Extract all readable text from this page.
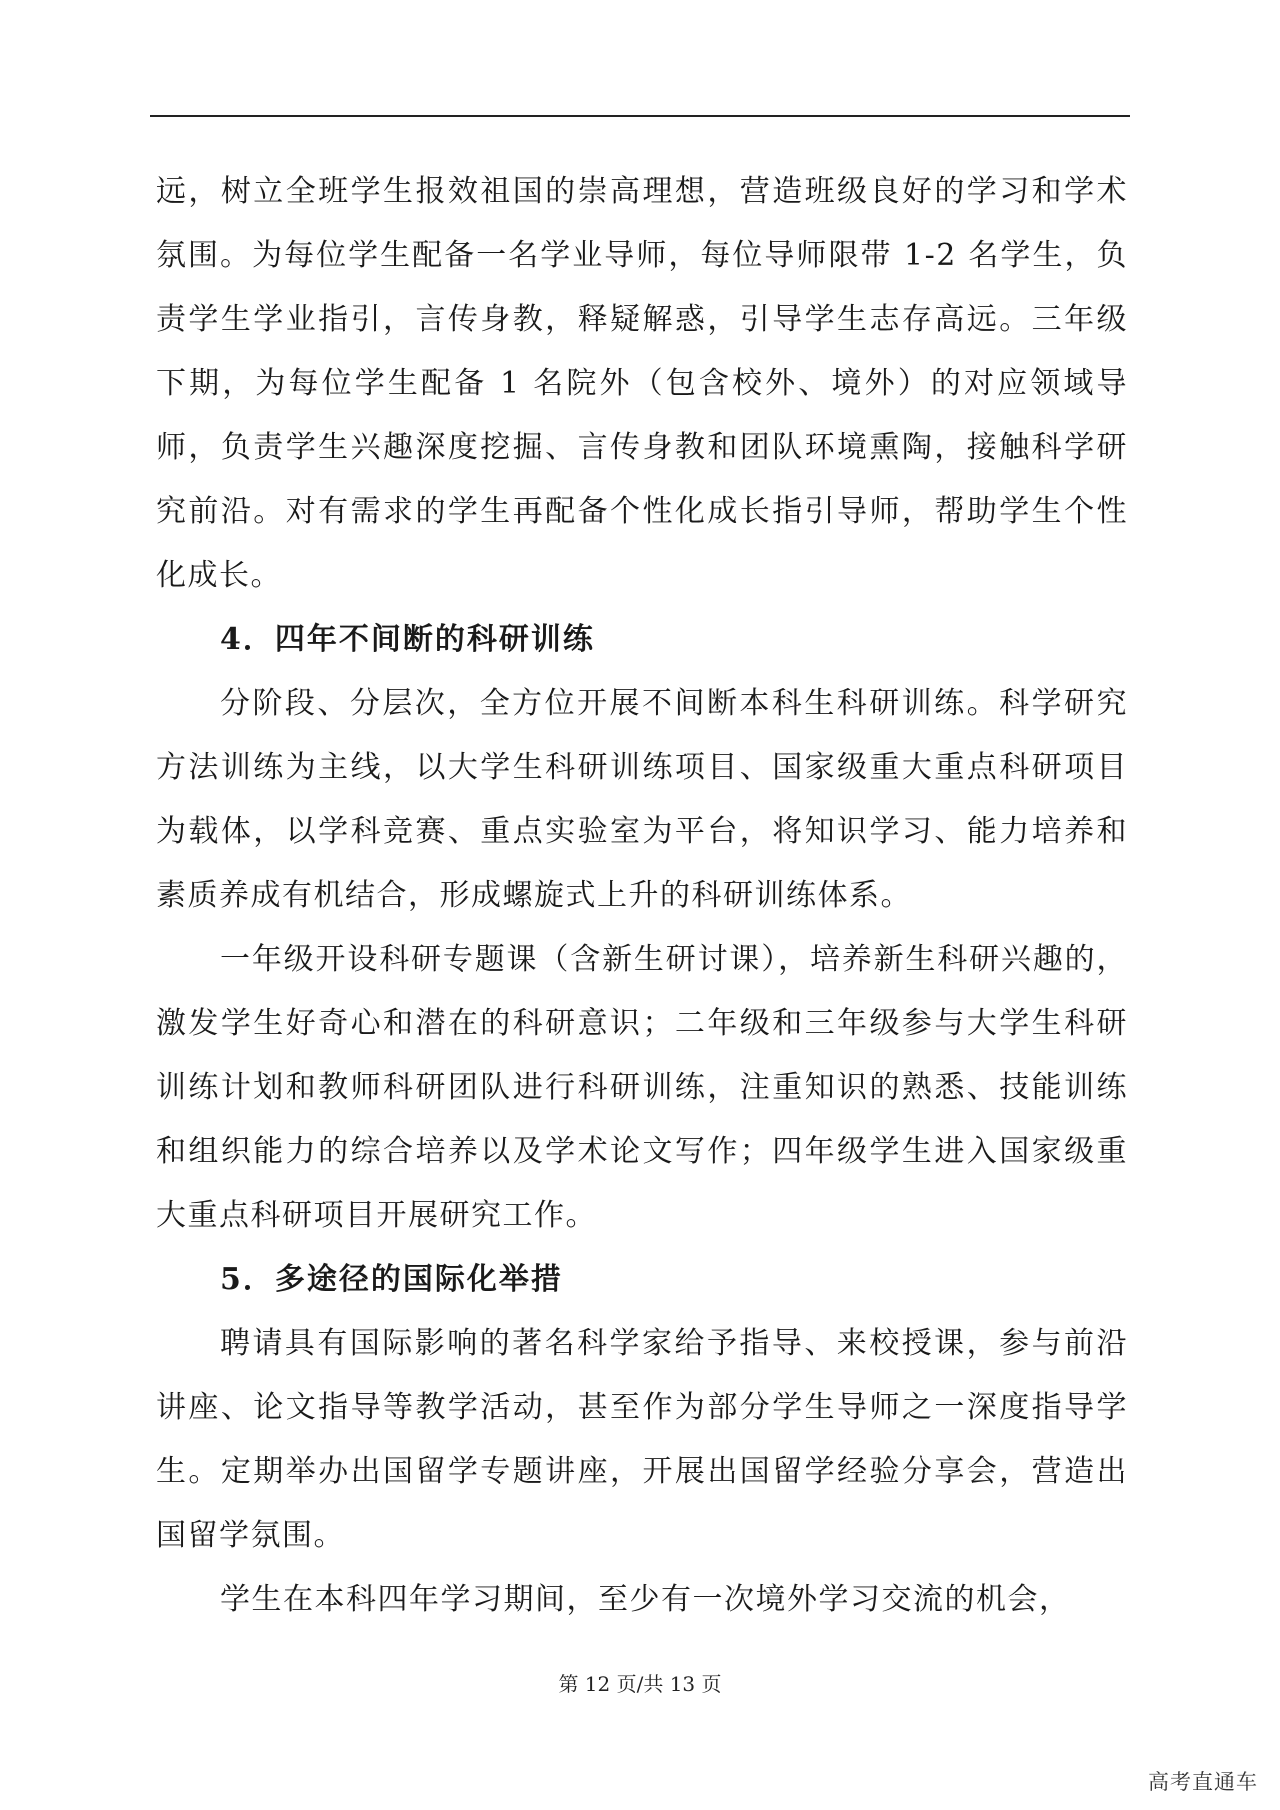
远，树立全班学生报效祖国的崇高理想，营造班级良好的学习和学术氛围。为每位学生配备一名学业导师，每位导师限带 1-2 名学生，负责学生学业指引，言传身教，释疑解惑，引导学生志存高远。三年级下期，为每位学生配备 1 名院外（包含校外、境外）的对应领域导师，负责学生兴趣深度挖掘、言传身教和团队环境熏陶，接触科学研究前沿。对有需求的学生再配备个性化成长指引导师，帮助学生个性化成长。

4．四年不间断的科研训练

分阶段、分层次，全方位开展不间断本科生科研训练。科学研究方法训练为主线，以大学生科研训练项目、国家级重大重点科研项目为载体，以学科竞赛、重点实验室为平台，将知识学习、能力培养和素质养成有机结合，形成螺旋式上升的科研训练体系。

一年级开设科研专题课（含新生研讨课），培养新生科研兴趣的，激发学生好奇心和潜在的科研意识；二年级和三年级参与大学生科研训练计划和教师科研团队进行科研训练，注重知识的熟悉、技能训练和组织能力的综合培养以及学术论文写作；四年级学生进入国家级重大重点科研项目开展研究工作。

5．多途径的国际化举措

聘请具有国际影响的著名科学家给予指导、来校授课，参与前沿讲座、论文指导等教学活动，甚至作为部分学生导师之一深度指导学生。定期举办出国留学专题讲座，开展出国留学经验分享会，营造出国留学氛围。

学生在本科四年学习期间，至少有一次境外学习交流的机会，

第 12 页/共 13 页
高考直通车
